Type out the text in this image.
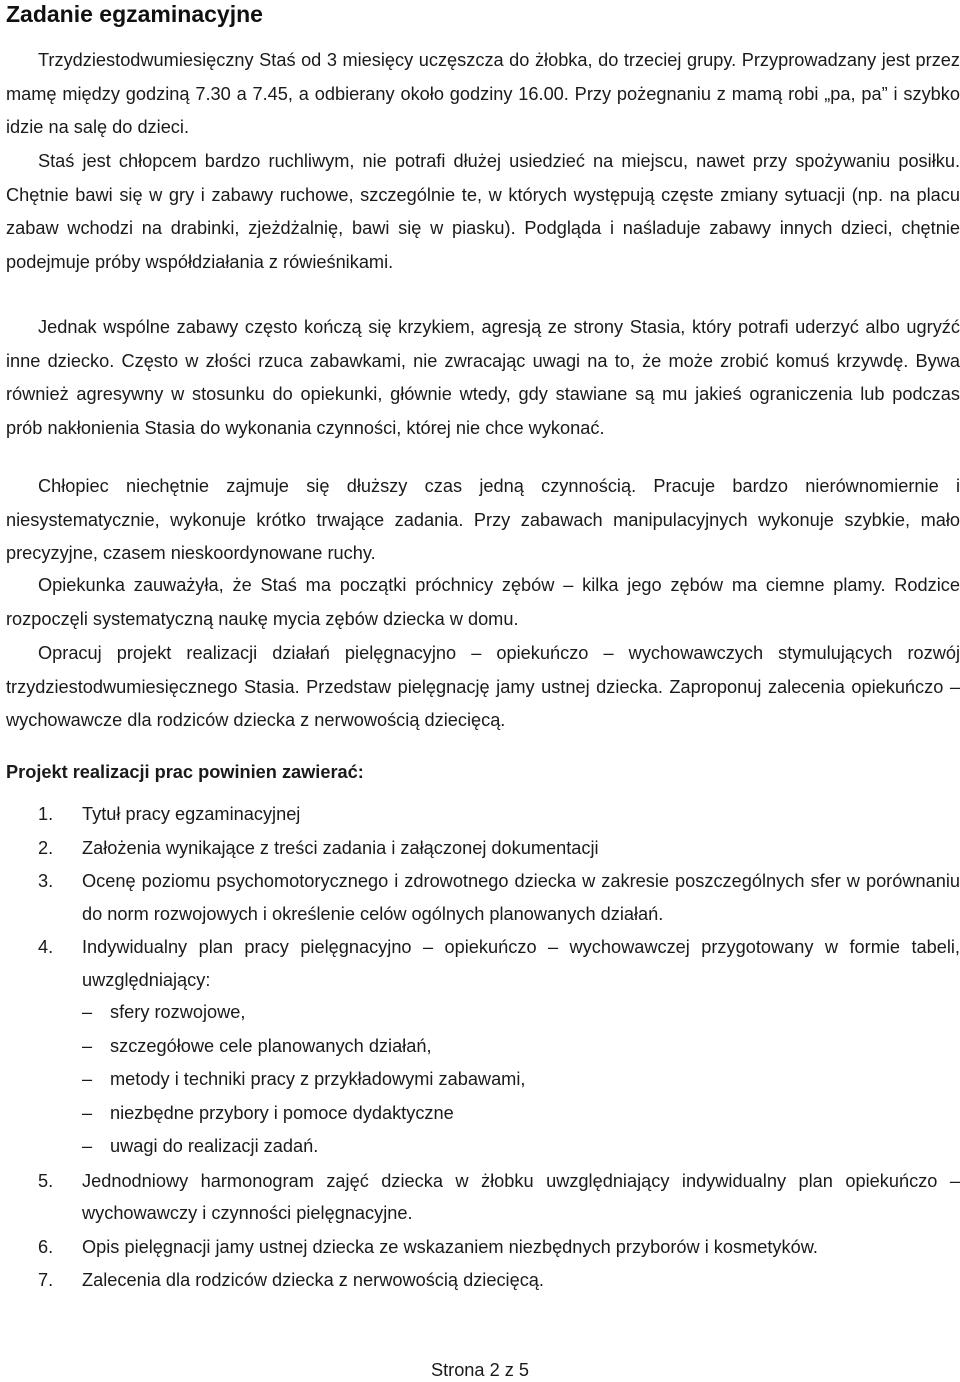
Zadanie egzaminacyjne

Trzydziestodwumiesięczny Staś od 3 miesięcy uczęszcza do żłobka, do trzeciej grupy. Przyprowadzany jest przez mamę między godziną 7.30 a 7.45, a odbierany około godziny 16.00. Przy pożegnaniu z mamą robi „pa, pa” i szybko idzie na salę do dzieci.

Staś jest chłopcem bardzo ruchliwym, nie potrafi dłużej usiedzieć na miejscu, nawet przy spożywaniu posiłku. Chętnie bawi się w gry i zabawy ruchowe, szczególnie te, w których występują częste zmiany sytuacji (np. na placu zabaw wchodzi na drabinki, zjeżdżalnię, bawi się w piasku). Podgląda i naśladuje zabawy innych dzieci, chętnie podejmuje próby współdziałania z rówieśnikami.

Jednak wspólne zabawy często kończą się krzykiem, agresją ze strony Stasia, który potrafi uderzyć albo ugryźć inne dziecko. Często w złości rzuca zabawkami, nie zwracając uwagi na to, że może zrobić komuś krzywdę. Bywa również agresywny w stosunku do opiekunki, głównie wtedy, gdy stawiane są mu jakieś ograniczenia lub podczas prób nakłonienia Stasia do wykonania czynności, której nie chce wykonać.

Chłopiec niechętnie zajmuje się dłuższy czas jedną czynnością. Pracuje bardzo nierównomiernie i niesystematycznie, wykonuje krótko trwające zadania. Przy zabawach manipulacyjnych wykonuje szybkie, mało precyzyjne, czasem nieskoordynowane ruchy.

Opiekunka zauważyła, że Staś ma początki próchnicy zębów – kilka jego zębów ma ciemne plamy. Rodzice rozpoczęli systematyczną naukę mycia zębów dziecka w domu.

Opracuj projekt realizacji działań pielęgnacyjno – opiekuńczo – wychowawczych stymulujących rozwój trzydziestodwumiesięcznego Stasia. Przedstaw pielęgnację jamy ustnej dziecka. Zaproponuj zalecenia opiekuńczo – wychowawcze dla rodziców dziecka z nerwowością dziecięcą.

Projekt realizacji prac powinien zawierać:
1. Tytuł pracy egzaminacyjnej
2. Założenia wynikające z treści zadania i załączonej dokumentacji
3. Ocenę poziomu psychomotorycznego i zdrowotnego dziecka w zakresie poszczególnych sfer w porównaniu do norm rozwojowych i określenie celów ogólnych planowanych działań.
4. Indywidualny plan pracy pielęgnacyjno – opiekuńczo – wychowawczej przygotowany w formie tabeli, uwzględniający:
– sfery rozwojowe,
– szczegółowe cele planowanych działań,
– metody i techniki pracy z przykładowymi zabawami,
– niezbędne przybory i pomoce dydaktyczne
– uwagi do realizacji zadań.
5. Jednodniowy harmonogram zajęć dziecka w żłobku uwzględniający indywidualny plan opiekuńczo – wychowawczy i czynności pielęgnacyjne.
6. Opis pielęgnacji jamy ustnej dziecka ze wskazaniem niezbędnych przyborów i kosmetyków.
7. Zalecenia dla rodziców dziecka z nerwowością dziecięcą.
Strona 2 z 5
